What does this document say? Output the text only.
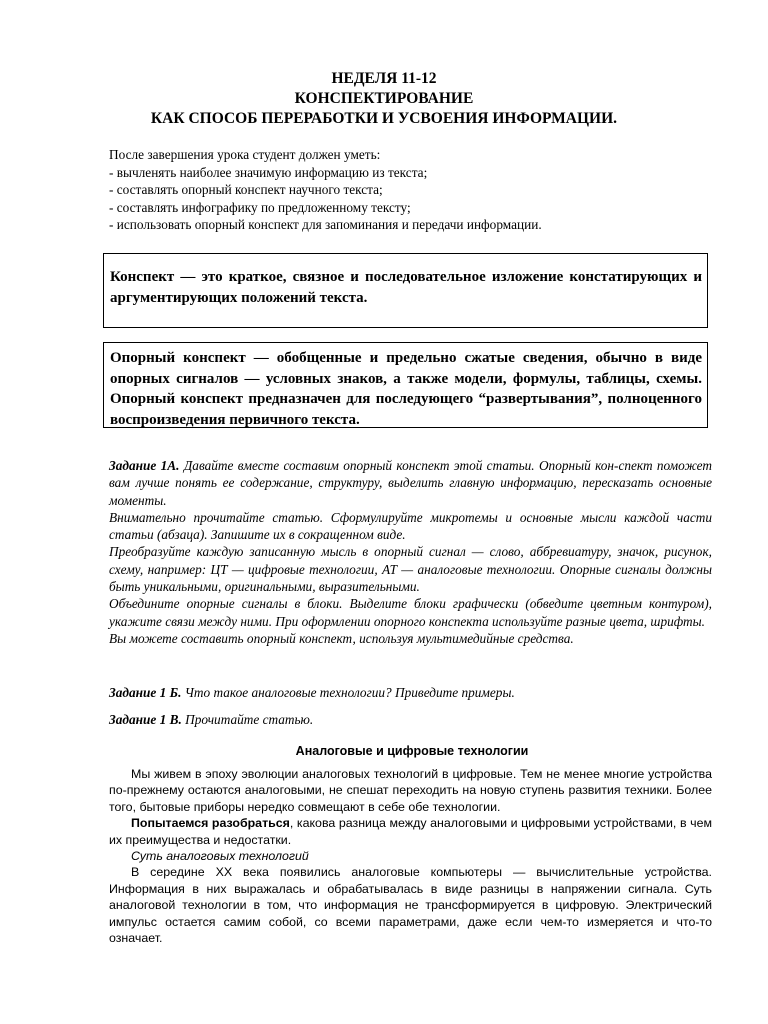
НЕДЕЛЯ 11-12
КОНСПЕКТИРОВАНИЕ
КАК СПОСОБ ПЕРЕРАБОТКИ И УСВОЕНИЯ ИНФОРМАЦИИ.
После завершения урока студент должен уметь:
- вычленять наиболее значимую информацию из текста;
- составлять опорный конспект научного текста;
- составлять инфографику по предложенному тексту;
- использовать опорный конспект для запоминания и передачи информации.
Конспект — это краткое, связное и последовательное изложение констатирующих и аргументирующих положений текста.
Опорный конспект — обобщенные и предельно сжатые сведения, обычно в виде опорных сигналов — условных знаков, а также модели, формулы, таблицы, схемы. Опорный конспект предназначен для последующего “развертывания”, полноценного воспроизведения первичного текста.

Задание 1А. Давайте вместе составим опорный конспект этой статьи. Опорный кон-спект поможет вам лучше понять ее содержание, структуру, выделить главную информацию, пересказать основные моменты.

Внимательно прочитайте статью. Сформулируйте микротемы и основные мысли каждой части статьи (абзаца). Запишите их в сокращенном виде.

Преобразуйте каждую записанную мысль в опорный сигнал — слово, аббревиатуру, значок, рисунок, схему, например: ЦТ — цифровые технологии, АТ — аналоговые технологии. Опорные сигналы должны быть уникальными, оригинальными, выразительными.

Объедините опорные сигналы в блоки. Выделите блоки графически (обведите цветным контуром), укажите связи между ними. При оформлении опорного конспекта используйте разные цвета, шрифты.

Вы можете составить опорный конспект, используя мультимедийные средства.

Задание 1 Б. Что такое аналоговые технологии? Приведите примеры.
Задание 1 В. Прочитайте статью.
Аналоговые и цифровые технологии

Мы живем в эпоху эволюции аналоговых технологий в цифровые. Тем не менее многие устройства по-прежнему остаются аналоговыми, не спешат переходить на новую ступень развития техники. Более того, бытовые приборы нередко совмещают в себе обе технологии.

Попытаемся разобраться, какова разница между аналоговыми и цифровыми устройствами, в чем их преимущества и недостатки.

Суть аналоговых технологий

В середине XX века появились аналоговые компьютеры — вычислительные устройства. Информация в них выражалась и обрабатывалась в виде разницы в напряжении сигнала. Суть аналоговой технологии в том, что информация не трансформируется в цифровую. Электрический импульс остается самим собой, со всеми параметрами, даже если чем-то измеряется и что-то означает.
